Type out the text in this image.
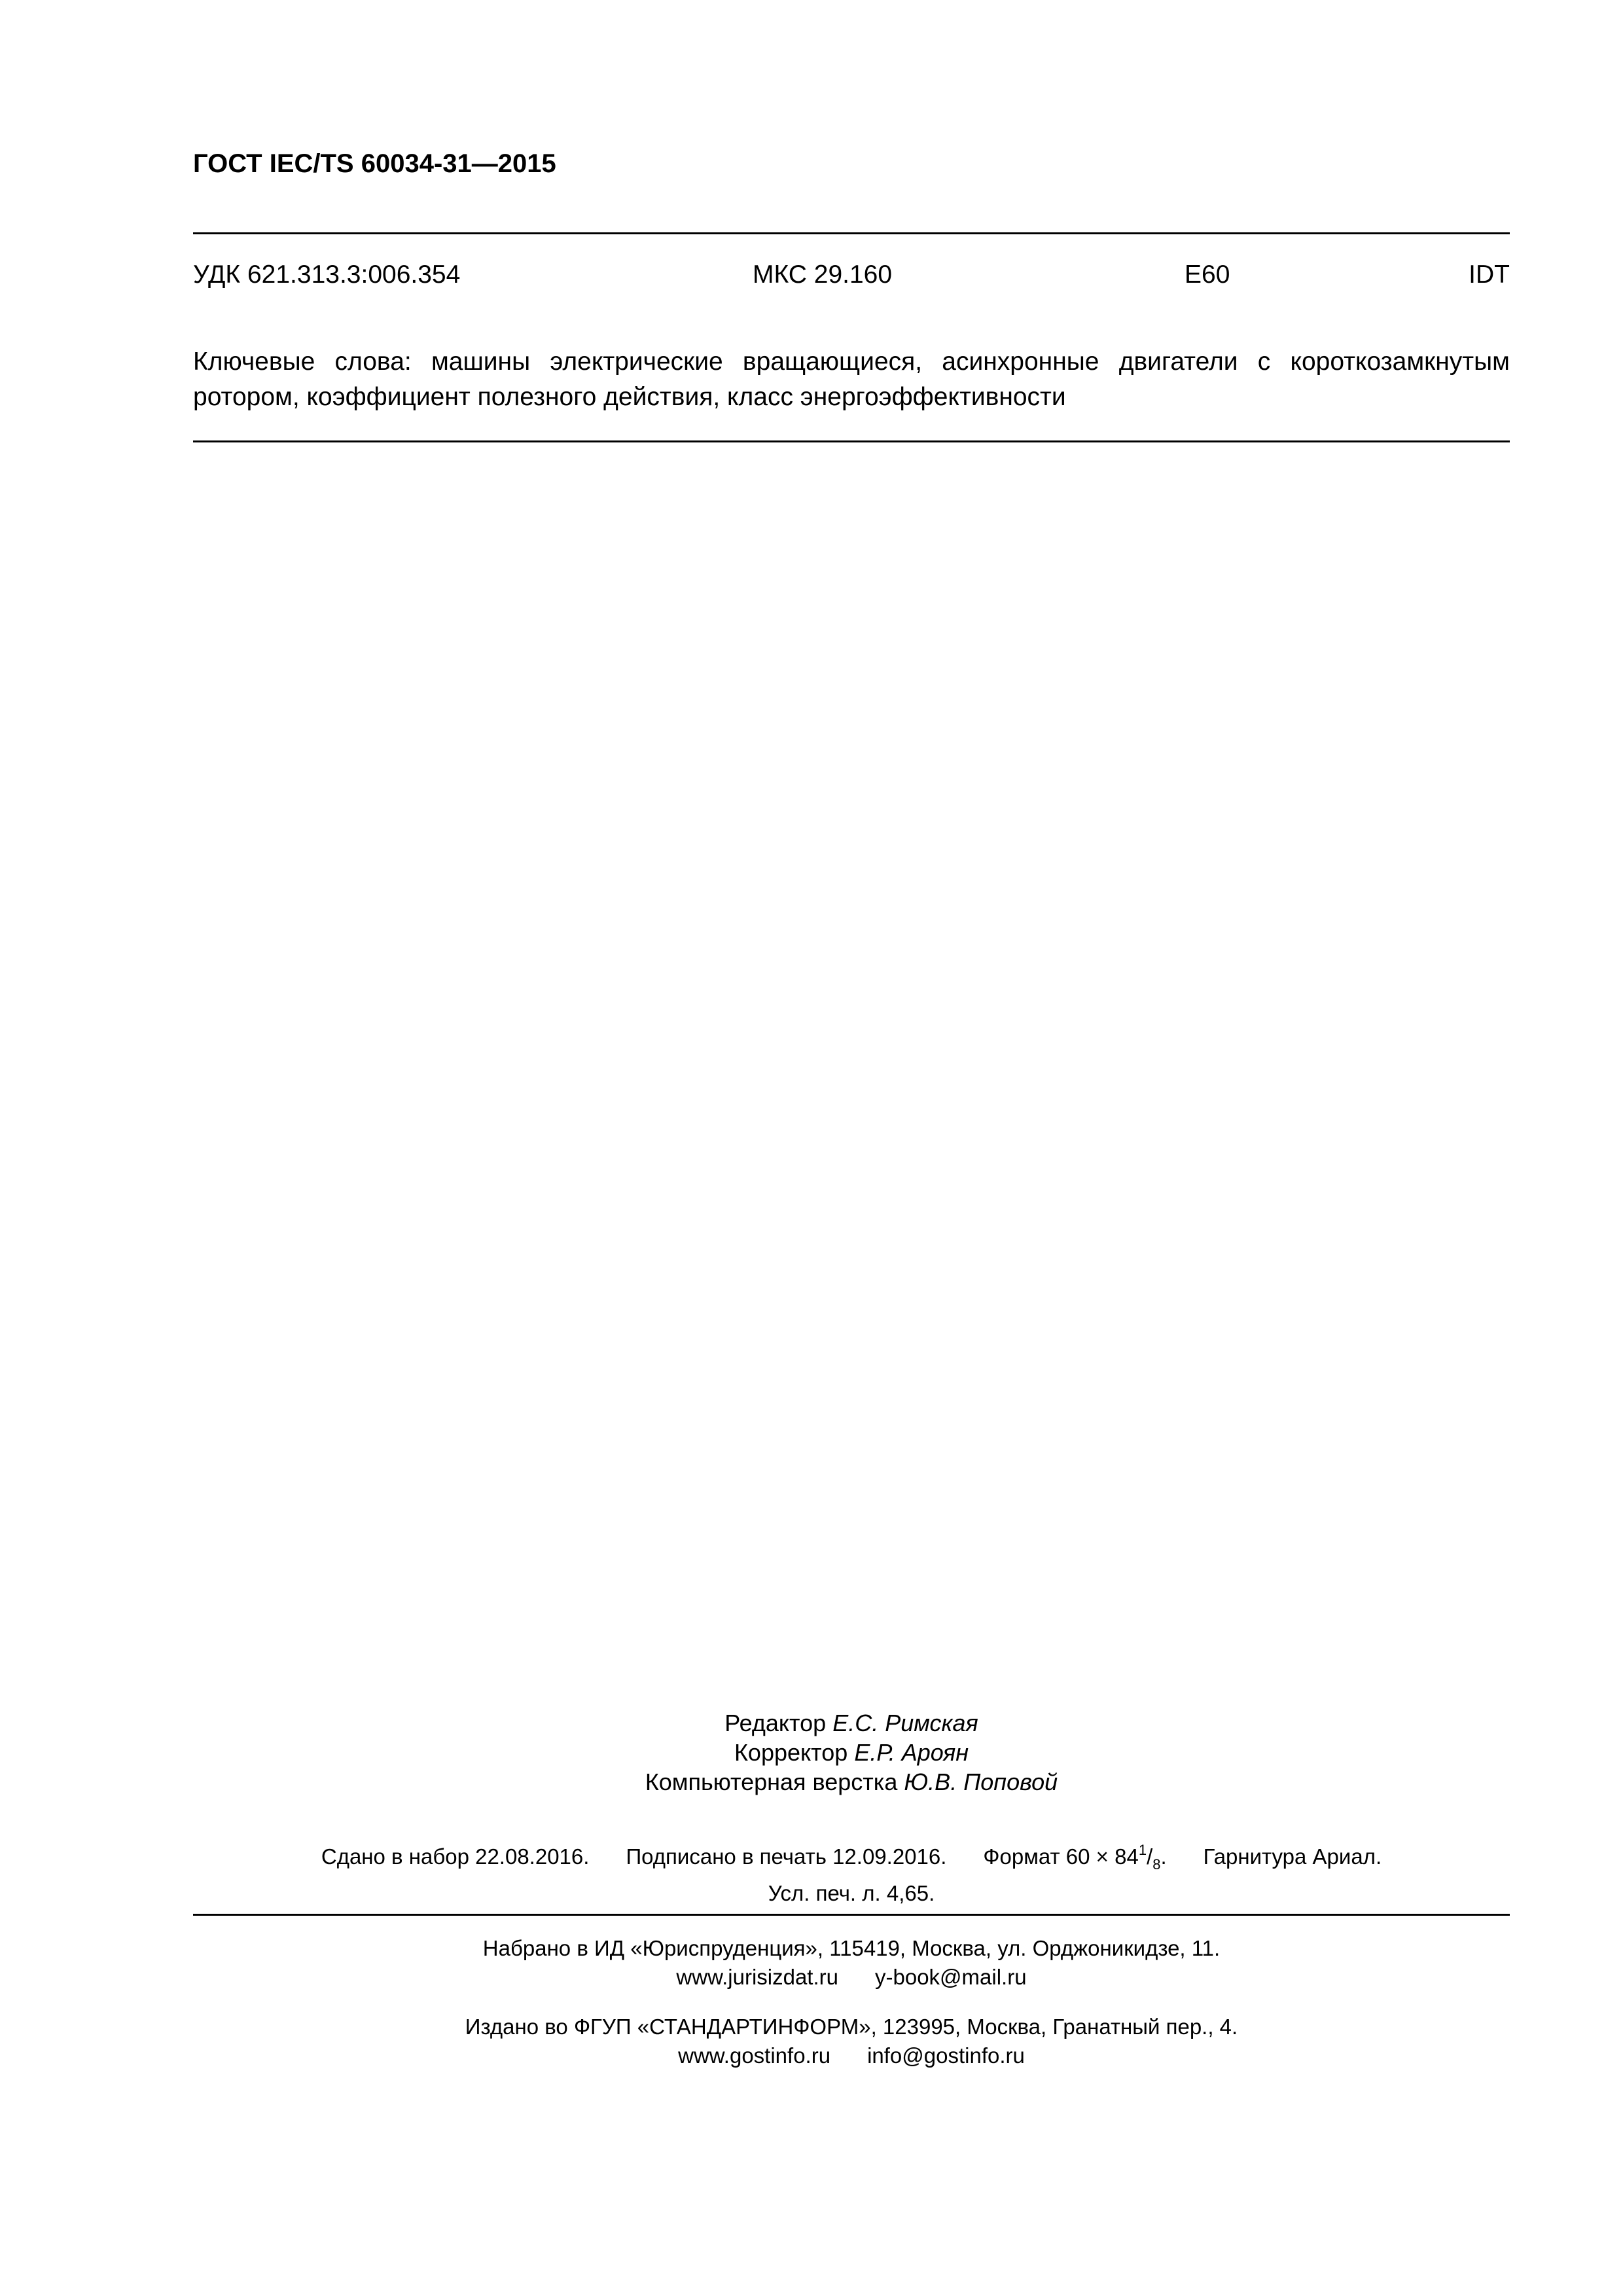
ГОСТ IEC/TS 60034-31—2015
УДК 621.313.3:006.354	МКС 29.160	Е60	IDT
Ключевые слова: машины электрические вращающиеся, асинхронные двигатели с короткозамкнутым ротором, коэффициент полезного действия, класс энергоэффективности
Редактор Е.С. Римская
Корректор Е.Р. Ароян
Компьютерная верстка Ю.В. Поповой
Сдано в набор 22.08.2016. Подписано в печать 12.09.2016. Формат $60 \times 84^1/_8$. Гарнитура Ариал.
Усл. печ. л. 4,65.
Набрано в ИД «Юриспруденция», 115419, Москва, ул. Орджоникидзе, 11.
www.jurisizdat.ru y-book@mail.ru
Издано во ФГУП «СТАНДАРТИНФОРМ», 123995, Москва, Гранатный пер., 4.
www.gostinfo.ru info@gostinfo.ru
